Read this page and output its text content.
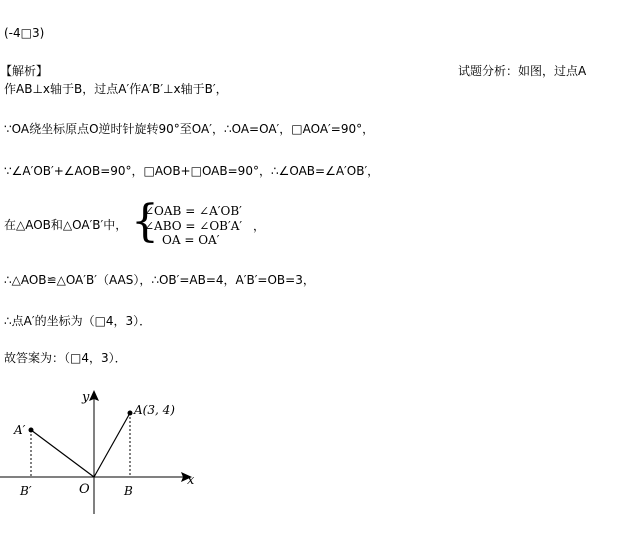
(-4□3)
【解析】	试题分析：如图，过点A
作AB⊥x轴于B，过点A′作A′B′⊥x轴于B′，
∵OA绕坐标原点O逆时针旋转90°至OA′，∴OA=OA′，□AOA′=90°，
∵∠A′OB′+∠AOB=90°，□AOB+□OAB=90°，∴∠OAB=∠A′OB′，
在△AOB和△OA′B′中， {
∠OAB = ∠A′OB′
∠ABO = ∠OB′A′
OA = OA′
，
∴△AOB≌△OA′B′（AAS），∴OB′=AB=4，A′B′=OB=3，
∴点A′的坐标为（□4，3）．
故答案为：（□4，3）．
x
y
O
A(3, 4)
A′
B
B′
